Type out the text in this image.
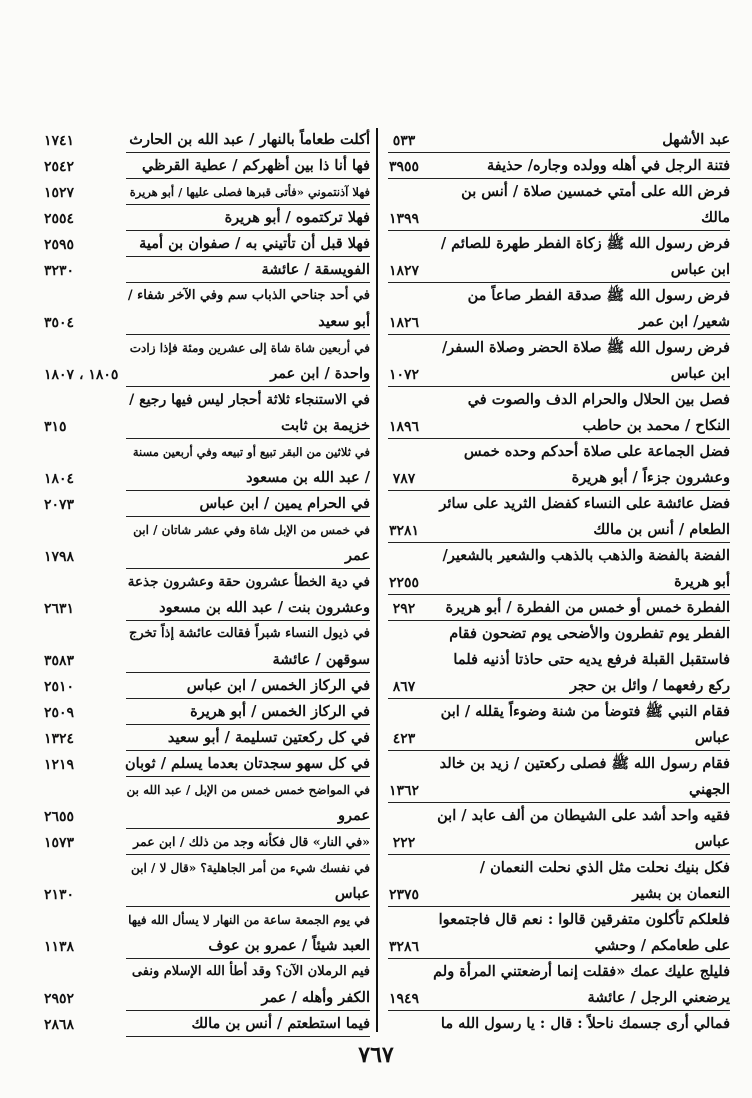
عبد الأشهل
٥٣٣
فتنة الرجل في أهله وولده وجاره/ حذيفة
٣٩٥٥
فرض الله على أمتي خمسين صلاة / أنس بن
مالك
١٣٩٩
فرض رسول الله ﷺ زكاة الفطر طهرة للصائم /
ابن عباس
١٨٢٧
فرض رسول الله ﷺ صدقة الفطر صاعاً من
شعير/ ابن عمر
١٨٢٦
فرض رسول الله ﷺ صلاة الحضر وصلاة السفر/
ابن عباس
١٠٧٢
فصل بين الحلال والحرام الدف والصوت في
النكاح / محمد بن حاطب
١٨٩٦
فضل الجماعة على صلاة أحدكم وحده خمس
وعشرون جزءاً / أبو هريرة
٧٨٧
فضل عائشة على النساء كفضل الثريد على سائر
الطعام / أنس بن مالك
٣٢٨١
الفضة بالفضة والذهب بالذهب والشعير بالشعير/
أبو هريرة
٢٢٥٥
الفطرة خمس أو خمس من الفطرة / أبو هريرة
٢٩٢
الفطر يوم تفطرون والأضحى يوم تضحون فقام
فاستقبل القبلة فرفع يديه حتى حاذتا أذنيه فلما
ركع رفعهما / وائل بن حجر
٨٦٧
فقام النبي ﷺ فتوضأ من شنة وضوءاً يقلله / ابن
عباس
٤٢٣
فقام رسول الله ﷺ فصلى ركعتين / زيد بن خالد
الجهني
١٣٦٢
فقيه واحد أشد على الشيطان من ألف عابد / ابن
عباس
٢٢٢
فكل بنيك نحلت مثل الذي نحلت النعمان /
النعمان بن بشير
٢٣٧٥
فلعلكم تأكلون متفرقين قالوا : نعم قال فاجتمعوا
على طعامكم / وحشي
٣٢٨٦
فليلج عليك عمك «فقلت إنما أرضعتني المرأة ولم
يرضعني الرجل / عائشة
١٩٤٩
فمالي أرى جسمك ناحلاً : قال : يا رسول الله ما
أكلت طعاماً بالنهار / عبد الله بن الحارث
١٧٤١
فها أنا ذا بين أظهركم / عطية القرظي
٢٥٤٢
فهلا آذنتموني «فأتى قبرها فصلى عليها / أبو هريرة
١٥٢٧
فهلا تركتموه / أبو هريرة
٢٥٥٤
فهلا قبل أن تأتيني به / صفوان بن أمية
٢٥٩٥
الفويسقة / عائشة
٣٢٣٠
في أحد جناحي الذباب سم وفي الآخر شفاء /
أبو سعيد
٣٥٠٤
في أربعين شاة شاة إلى عشرين ومئة فإذا زادت
واحدة / ابن عمر
١٨٠٥ ، ١٨٠٧
في الاستنجاء ثلاثة أحجار ليس فيها رجيع /
خزيمة بن ثابت
٣١٥
في ثلاثين من البقر تبيع أو تبيعه وفي أربعين مسنة
/ عبد الله بن مسعود
١٨٠٤
في الحرام يمين / ابن عباس
٢٠٧٣
في خمس من الإبل شاة وفي عشر شاتان / ابن
عمر
١٧٩٨
في دية الخطأ عشرون حقة وعشرون جذعة
وعشرون بنت / عبد الله بن مسعود
٢٦٣١
في ذيول النساء شبراً فقالت عائشة إذاً تخرج
سوقهن / عائشة
٣٥٨٣
في الركاز الخمس / ابن عباس
٢٥١٠
في الركاز الخمس / أبو هريرة
٢٥٠٩
في كل ركعتين تسليمة / أبو سعيد
١٣٢٤
في كل سهو سجدتان بعدما يسلم / ثوبان
١٢١٩
في المواضح خمس خمس من الإبل / عبد الله بن
عمرو
٢٦٥٥
«في النار» قال فكأنه وجد من ذلك / ابن عمر
١٥٧٣
في نفسك شيء من أمر الجاهلية؟ «قال لا / ابن
عباس
٢١٣٠
في يوم الجمعة ساعة من النهار لا يسأل الله فيها
العبد شيئاً / عمرو بن عوف
١١٣٨
فيم الرملان الآن؟ وقد أطأ الله الإسلام ونفى
الكفر وأهله / عمر
٢٩٥٢
فيما استطعتم / أنس بن مالك
٢٨٦٨
٧٦٧
